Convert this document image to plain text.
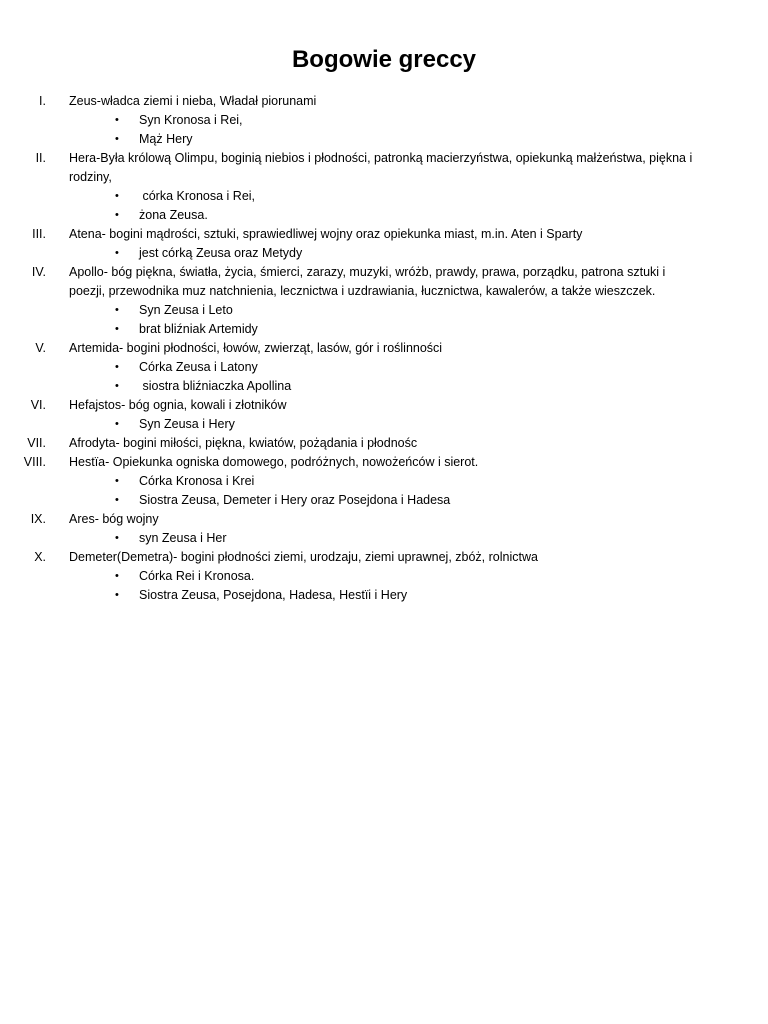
Bogowie greccy
I.	Zeus-władca ziemi i nieba, Władał piorunami
•	Syn Kronosa i Rei,
•	Mąż Hery
II.	Hera-Była królową Olimpu, boginią niebios i płodności, patronką macierzyństwa, opiekunką małżeństwa, piękna i rodziny,
•	córka Kronosa i Rei,
•	żona Zeusa.
III.	Atena- bogini mądrości, sztuki, sprawiedliwej wojny oraz opiekunka miast, m.in. Aten i Sparty
•	jest córką Zeusa oraz Metydy
IV.	Apollo- bóg piękna, światła, życia, śmierci, zarazy, muzyki, wróżb, prawdy, prawa, porządku, patrona sztuki i poezji, przewodnika muz natchnienia, lecznictwa i uzdrawiania, łucznictwa, kawalerów, a także wieszczek.
•	Syn Zeusa i Leto
•	brat bliźniak Artemidy
V.	Artemida- bogini płodności, łowów, zwierząt, lasów, gór i roślinności
•	Córka Zeusa i Latony
•	siostra bliźniaczka Apollina
VI.	Hefajstos- bóg ognia, kowali i złotników
•	Syn Zeusa i Hery
VII.	Afrodyta- bogini miłości, piękna, kwiatów, pożądania i płodnośc
VIII.	Hestïa- Opiekunka ogniska domowego, podróżnych, nowożeńców i sierot.
•	Córka Kronosa i Krei
•	Siostra Zeusa, Demeter i Hery oraz Posejdona i Hadesa
IX.	Ares- bóg wojny
•	syn Zeusa i Her
X.	Demeter(Demetra)- bogini płodności ziemi, urodzaju, ziemi uprawnej, zbóż, rolnictwa
•	Córka Rei i Kronosa.
•	Siostra Zeusa, Posejdona, Hadesa, Hestïi i Hery
